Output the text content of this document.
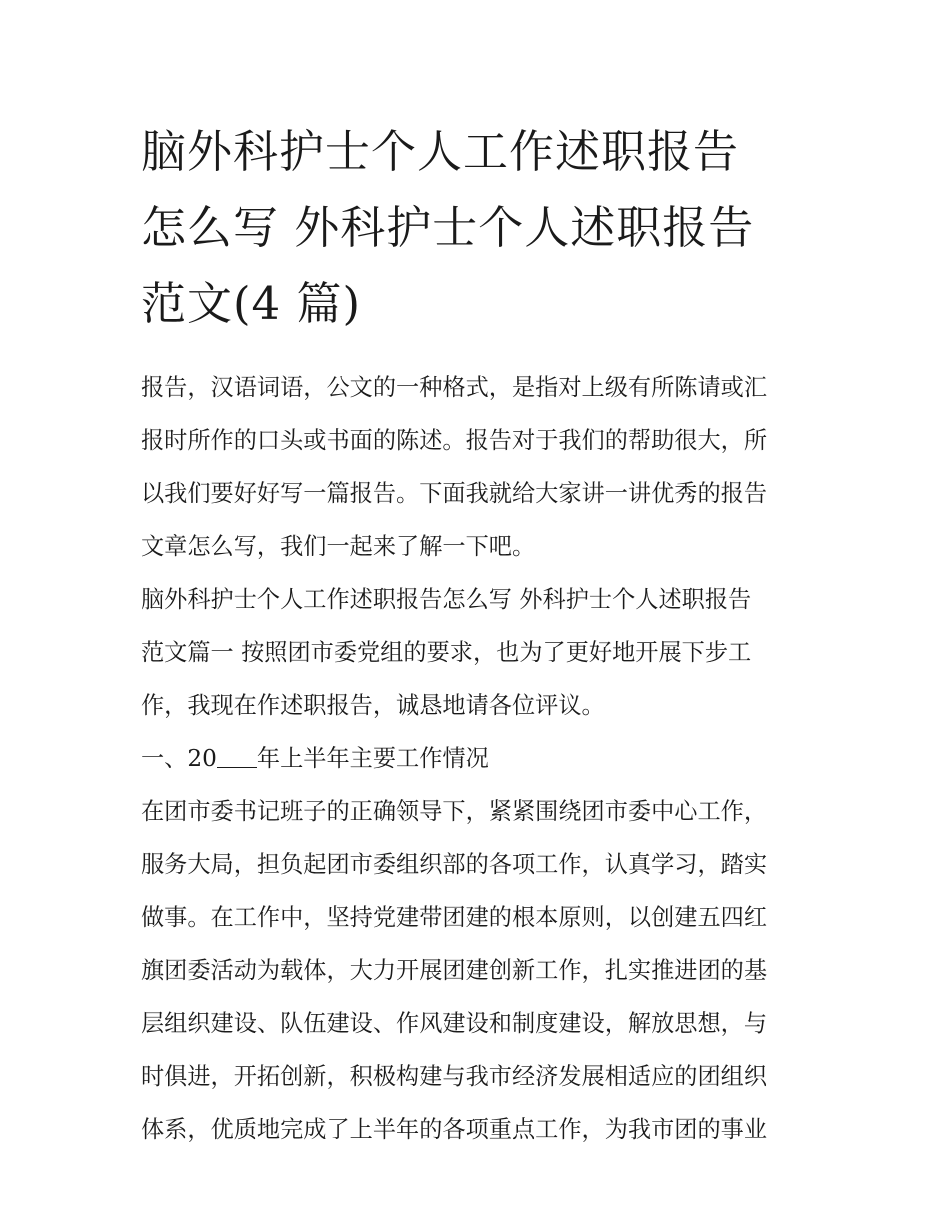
脑外科护士个人工作述职报告
怎么写 外科护士个人述职报告
范文(4 篇)
报告，汉语词语，公文的一种格式，是指对上级有所陈请或汇
报时所作的口头或书面的陈述。报告对于我们的帮助很大，所
以我们要好好写一篇报告。下面我就给大家讲一讲优秀的报告
文章怎么写，我们一起来了解一下吧。
脑外科护士个人工作述职报告怎么写 外科护士个人述职报告
范文篇一 按照团市委党组的要求，也为了更好地开展下步工
作，我现在作述职报告，诚恳地请各位评议。
一、20 年上半年主要工作情况
在团市委书记班子的正确领导下，紧紧围绕团市委中心工作，
服务大局，担负起团市委组织部的各项工作，认真学习，踏实
做事。在工作中，坚持党建带团建的根本原则，以创建五四红
旗团委活动为载体，大力开展团建创新工作，扎实推进团的基
层组织建设、队伍建设、作风建设和制度建设，解放思想，与
时俱进，开拓创新，积极构建与我市经济发展相适应的团组织
体系，优质地完成了上半年的各项重点工作，为我市团的事业
